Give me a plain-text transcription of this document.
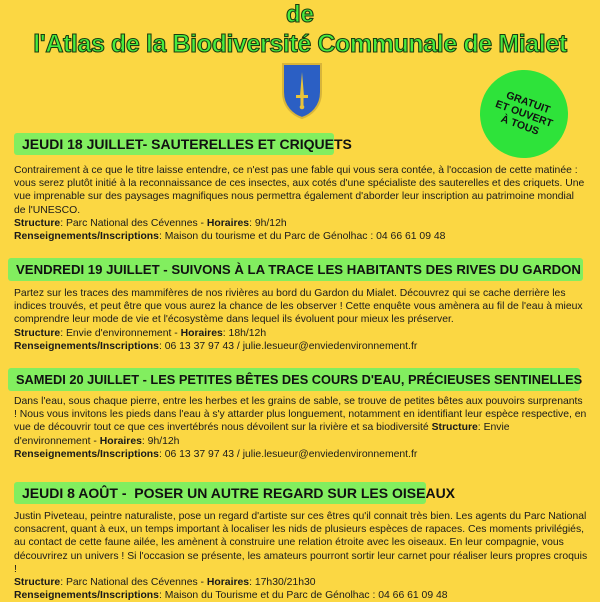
de
l'Atlas de la Biodiversité Communale de Mialet
GRATUIT
ET OUVERT
À TOUS
JEUDI 18 JUILLET- SAUTERELLES ET CRIQUETS

Contrairement à ce que le titre laisse entendre, ce n'est pas une fable qui vous sera contée, à l'occasion de cette matinée : vous serez plutôt initié à la reconnaissance de ces insectes, aux cotés d'une spécialiste des sauterelles et des criquets. Une vue imprenable sur des paysages magnifiques nous permettra également d'aborder leur inscription au patrimoine mondial de l'UNESCO.

Structure: Parc National des Cévennes - Horaires: 9h/12h

Renseignements/Inscriptions: Maison du tourisme et du Parc de Génolhac : 04 66 61 09 48

VENDREDI 19 JUILLET - SUIVONS À LA TRACE LES HABITANTS DES RIVES DU GARDON

Partez sur les traces des mammifères de nos rivières au bord du Gardon du Mialet. Découvrez qui se cache derrière les indices trouvés, et peut être que vous aurez la chance de les observer ! Cette enquête vous amènera au fil de l'eau à mieux comprendre leur mode de vie et l'écosystème dans lequel ils évoluent pour mieux les préserver.

Structure: Envie d'environnement - Horaires: 18h/12h

Renseignements/Inscriptions: 06 13 37 97 43 / julie.lesueur@enviedenvironnement.fr

SAMEDI 20 JUILLET - LES PETITES BÊTES DES COURS D'EAU, PRÉCIEUSES SENTINELLES

Dans l'eau, sous chaque pierre, entre les herbes et les grains de sable, se trouve de petites bêtes aux pouvoirs surprenants ! Nous vous invitons les pieds dans l'eau à s'y attarder plus longuement, notamment en identifiant leur espèce respective, en vue de découvrir tout ce que ces invertébrés nous dévoilent sur la rivière et sa biodiversité Structure: Envie d'environnement - Horaires: 9h/12h

Renseignements/Inscriptions: 06 13 37 97 43 / julie.lesueur@enviedenvironnement.fr

JEUDI 8 AOÛT -  POSER UN AUTRE REGARD SUR LES OISEAUX

Justin Piveteau, peintre naturaliste, pose un regard d'artiste sur ces êtres qu'il connait très bien. Les agents du Parc National consacrent, quant à eux, un temps important à localiser les nids de plusieurs espèces de rapaces. Ces moments privilégiés, au contact de cette faune ailée, les amènent à construire une relation étroite avec les oiseaux. En leur compagnie, vous découvrirez un univers ! Si l'occasion se présente, les amateurs pourront sortir leur carnet pour réaliser leurs propres croquis !

Structure: Parc National des Cévennes - Horaires: 17h30/21h30

Renseignements/Inscriptions: Maison du Tourisme et du Parc de Génolhac : 04 66 61 09 48
